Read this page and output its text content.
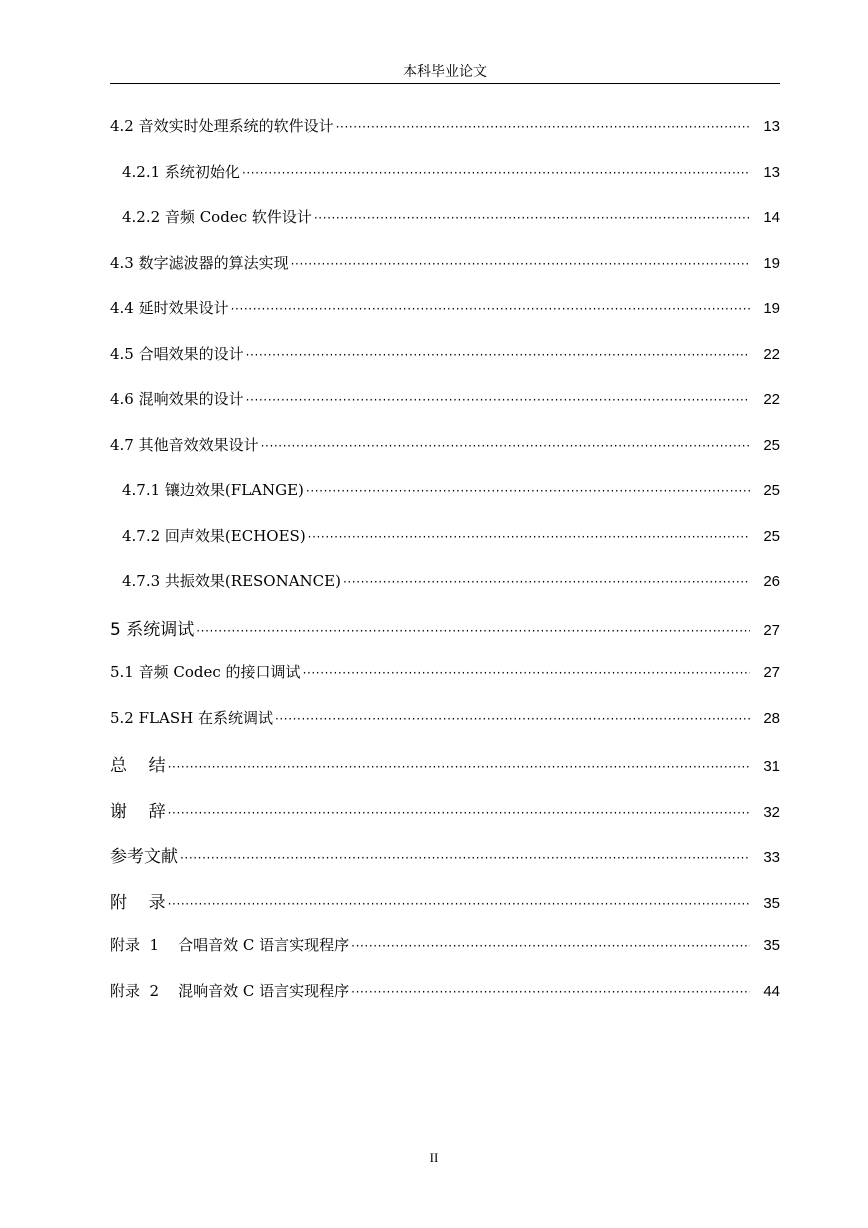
本科毕业论文
4.2 音效实时处理系统的软件设计 ·····	13
4.2.1 系统初始化 ·····	13
4.2.2 音频 Codec 软件设计 ·····	14
4.3 数字滤波器的算法实现 ·····	19
4.4 延时效果设计 ·····	19
4.5 合唱效果的设计 ·····	22
4.6 混响效果的设计 ·····	22
4.7 其他音效效果设计 ·····	25
4.7.1 镶边效果(FLANGE) ·····	25
4.7.2 回声效果(ECHOES) ·····	25
4.7.3 共振效果(RESONANCE) ·····	26
5 系统调试 ·····	27
5.1 音频 Codec 的接口调试 ·····	27
5.2 FLASH 在系统调试 ·····	28
总    结 ·····	31
谢    辞 ·····	32
参考文献 ·····	33
附    录 ·····	35
附录  1    合唱音效 C 语言实现程序 ·····	35
附录  2    混响音效 C 语言实现程序 ·····	44
II
